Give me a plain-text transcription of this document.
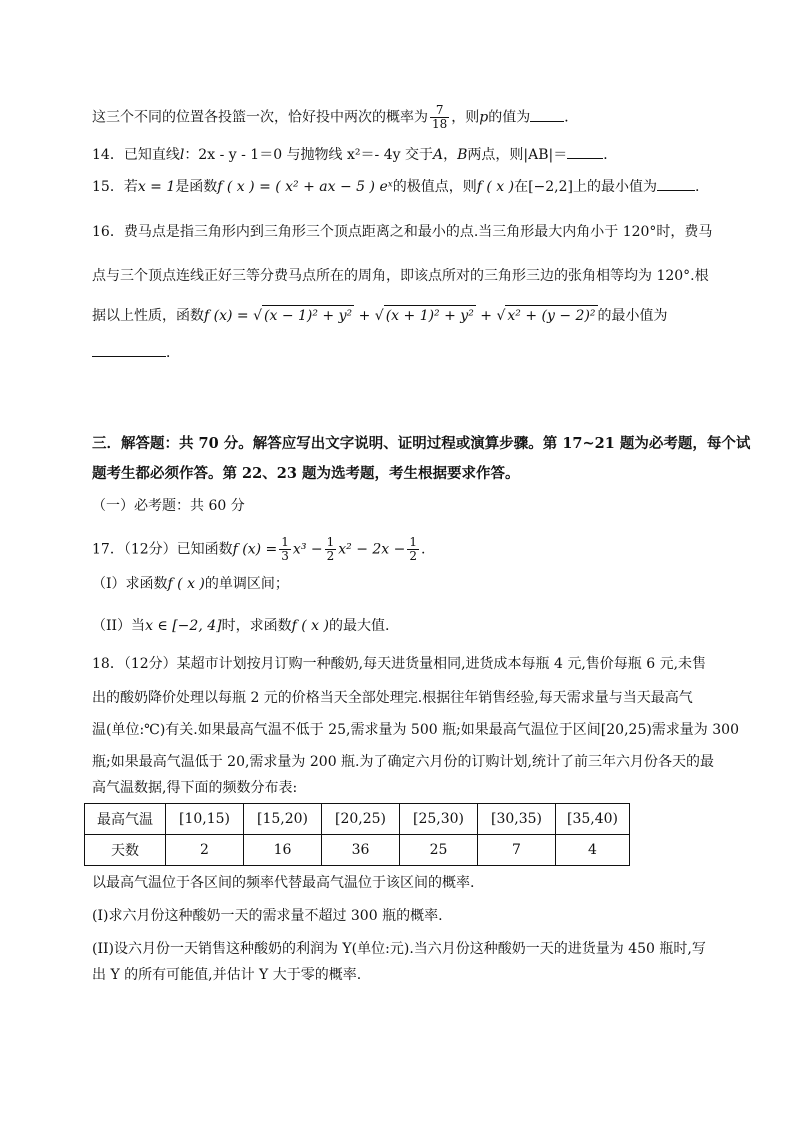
这三个不同的位置各投篮一次，恰好投中两次的概率为 $\frac{7}{18}$ ，则p的值为 ．
14．已知直线l：2x - y - 1＝0 与抛物线 x²＝- 4y 交于A，B两点，则|AB|＝	．
15．若x = 1是函数f ( x ) = ( x² + ax − 5 ) eˣ的极值点，则f ( x )在[−2,2]上的最小值为	.
16．费马点是指三角形内到三角形三个顶点距离之和最小的点.当三角形最大内角小于 120°时，费马
点与三个顶点连线正好三等分费马点所在的周角，即该点所对的三角形三边的张角相等均为 120°.根
据以上性质，函数f (x) = √ (x − 1)² + y² + √ (x + 1)² + y² + √ x² + (y − 2)² 的最小值为
．
三．解答题：共 70 分。解答应写出文字说明、证明过程或演算步骤。第 17~21 题为必考题，每个试
题考生都必须作答。第 22、23 题为选考题，考生根据要求作答。
（一）必考题：共 60 分
17．（12分）已知函数f $(x) = \frac{1}{3} x^3 - \frac{1}{2} x^2 - 2x - \frac{1}{2}$ .
（Ⅰ）求函数f ( x )的单调区间；
（II）当x ∈ [−2, 4]时，求函数f ( x )的最大值.
18．（12分）某超市计划按月订购一种酸奶,每天进货量相同,进货成本每瓶 4 元,售价每瓶 6 元,未售
出的酸奶降价处理以每瓶 2 元的价格当天全部处理完.根据往年销售经验,每天需求量与当天最高气
温(单位:℃)有关.如果最高气温不低于 25,需求量为 500 瓶;如果最高气温位于区间[20,25)需求量为 300
瓶;如果最高气温低于 20,需求量为 200 瓶.为了确定六月份的订购计划,统计了前三年六月份各天的最
高气温数据,得下面的频数分布表:
最高气温	[10,15)	[15,20)	[20,25)	[25,30)	[30,35)	[35,40)
天数	2	16	36	25	7	4
以最高气温位于各区间的频率代替最高气温位于该区间的概率.
(I)求六月份这种酸奶一天的需求量不超过 300 瓶的概率.
(II)设六月份一天销售这种酸奶的利润为 Y(单位:元).当六月份这种酸奶一天的进货量为 450 瓶时,写
出 Y 的所有可能值,并估计 Y 大于零的概率.
